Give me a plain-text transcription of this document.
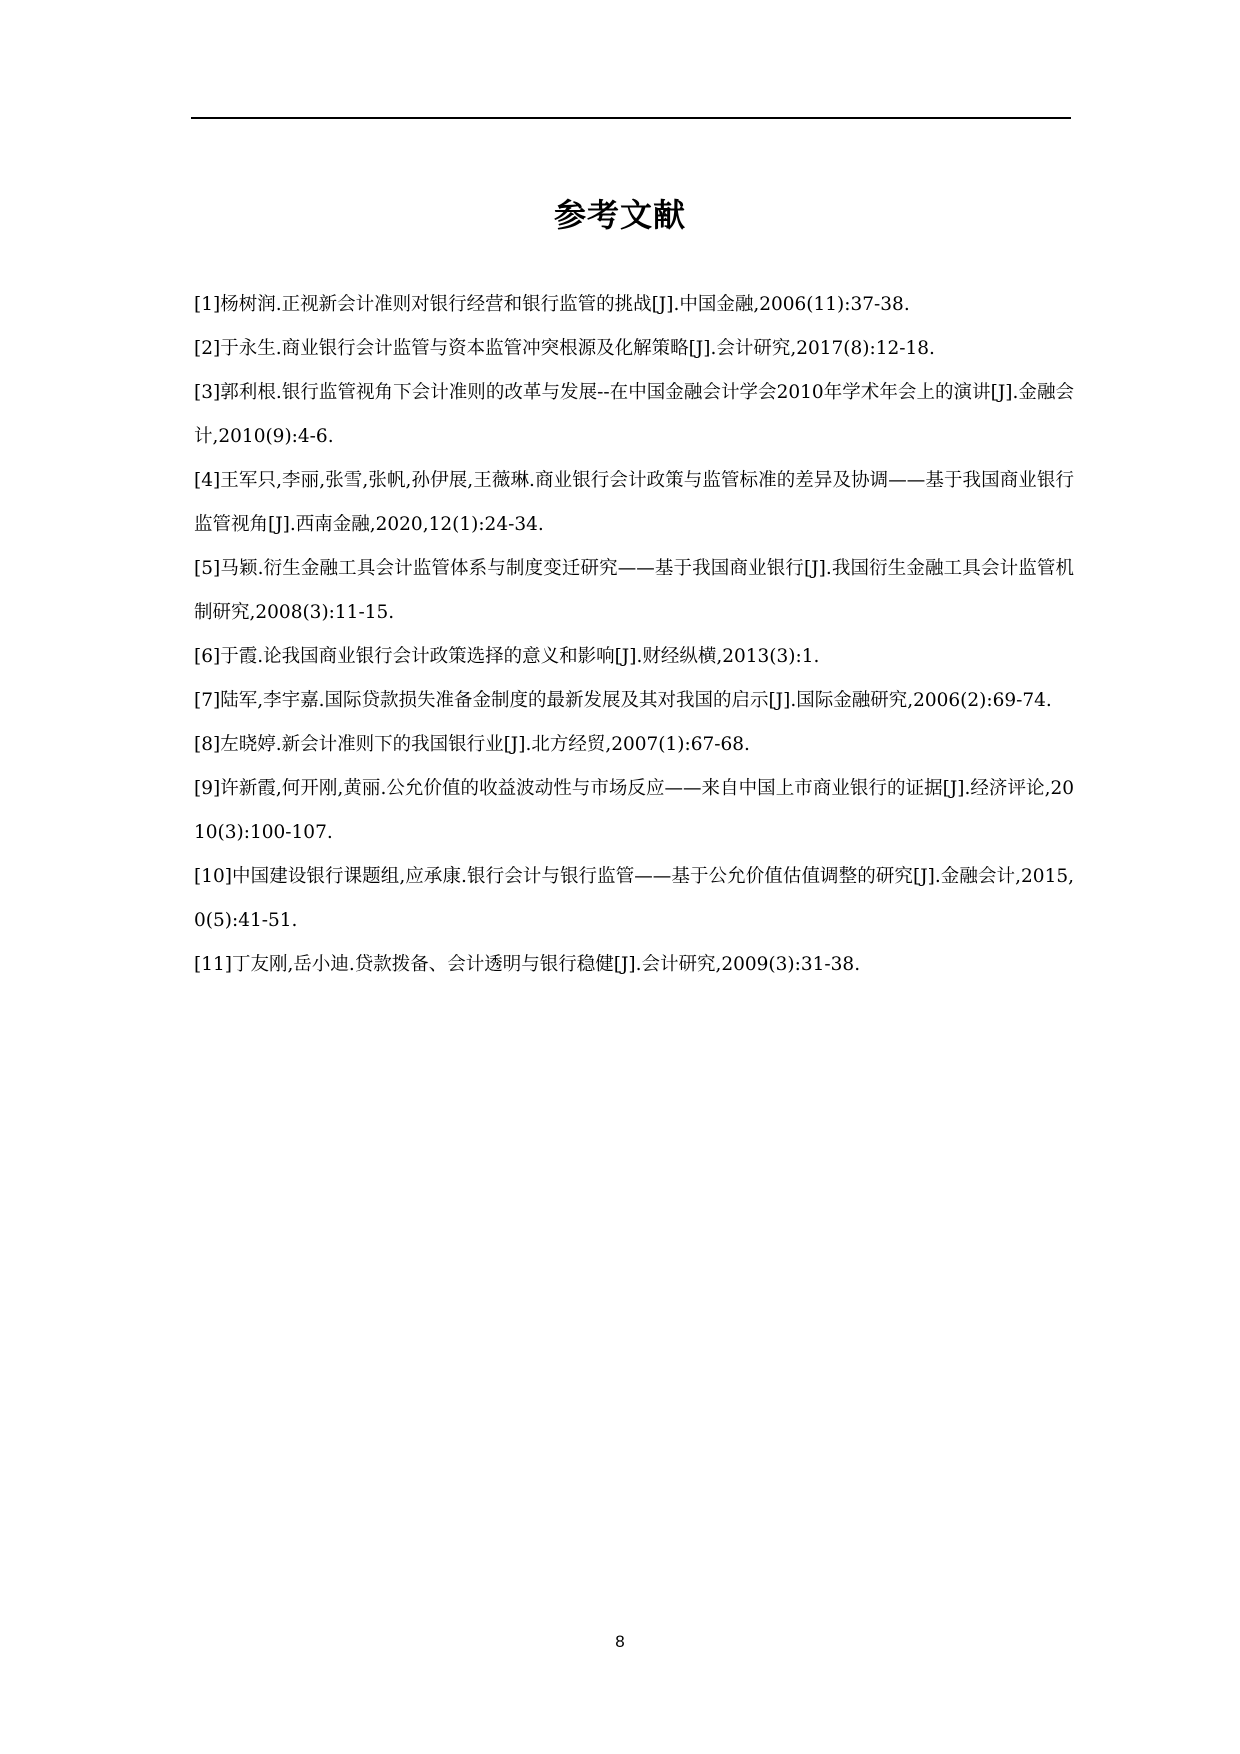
参考文献
[1]杨树润.正视新会计准则对银行经营和银行监管的挑战[J].中国金融,2006(11):37-38.
[2]于永生.商业银行会计监管与资本监管冲突根源及化解策略[J].会计研究,2017(8):12-18.
[3]郭利根.银行监管视角下会计准则的改革与发展--在中国金融会计学会2010年学术年会上的演讲[J].金融会计,2010(9):4-6.
[4]王军只,李丽,张雪,张帆,孙伊展,王薇琳.商业银行会计政策与监管标准的差异及协调——基于我国商业银行监管视角[J].西南金融,2020,12(1):24-34.
[5]马颖.衍生金融工具会计监管体系与制度变迁研究——基于我国商业银行[J].我国衍生金融工具会计监管机制研究,2008(3):11-15.
[6]于霞.论我国商业银行会计政策选择的意义和影响[J].财经纵横,2013(3):1.
[7]陆军,李宇嘉.国际贷款损失准备金制度的最新发展及其对我国的启示[J].国际金融研究,2006(2):69-74.
[8]左晓婷.新会计准则下的我国银行业[J].北方经贸,2007(1):67-68.
[9]许新霞,何开刚,黄丽.公允价值的收益波动性与市场反应——来自中国上市商业银行的证据[J].经济评论,2010(3):100-107.
[10]中国建设银行课题组,应承康.银行会计与银行监管——基于公允价值估值调整的研究[J].金融会计,2015,0(5):41-51.
[11]丁友刚,岳小迪.贷款拨备、会计透明与银行稳健[J].会计研究,2009(3):31-38.
8
